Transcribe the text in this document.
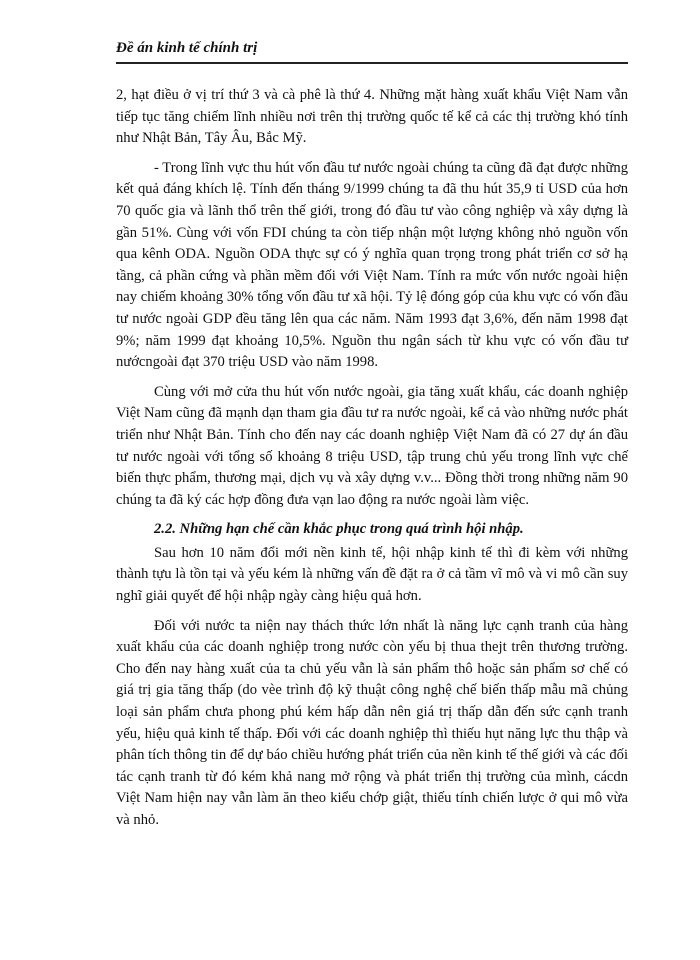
Đề án kinh tế chính trị

2, hạt điều ở vị trí thứ 3 và cà phê là thứ 4. Những mặt hàng xuất khẩu Việt Nam vẫn tiếp tục tăng chiếm lĩnh nhiều nơi trên thị trường quốc tế kể cả các thị trường khó tính như Nhật Bản, Tây Âu, Bắc Mỹ.

- Trong lĩnh vực thu hút vốn đầu tư nước ngoài chúng ta cũng đã đạt được những kết quả đáng khích lệ. Tính đến tháng 9/1999 chúng ta đã thu hút 35,9 tỉ USD của hơn 70 quốc gia và lãnh thổ trên thế giới, trong đó đầu tư vào công nghiệp và xây dựng là gần 51%. Cùng với vốn FDI chúng ta còn tiếp nhận một lượng không nhỏ nguồn vốn qua kênh ODA. Nguồn ODA thực sự có ý nghĩa quan trọng trong phát triển cơ sở hạ tầng, cả phần cứng và phần mềm đối với Việt Nam. Tính ra mức vốn nước ngoài hiện nay chiếm khoảng 30% tổng vốn đầu tư xã hội. Tỷ lệ đóng góp của khu vực có vốn đầu tư nước ngoài GDP đều tăng lên qua các năm. Năm 1993 đạt 3,6%, đến năm 1998 đạt 9%; năm 1999 đạt khoảng 10,5%. Nguồn thu ngân sách từ khu vực có vốn đầu tư nướcngoài đạt 370 triệu USD vào năm 1998.

Cùng với mở cửa thu hút vốn nước ngoài, gia tăng xuất khẩu, các doanh nghiệp Việt Nam cũng đã mạnh dạn tham gia đầu tư ra nước ngoài, kể cả vào những nước phát triển như Nhật Bản. Tính cho đến nay các doanh nghiệp Việt Nam đã có 27 dự án đầu tư nước ngoài với tổng số khoảng 8 triệu USD, tập trung chủ yếu trong lĩnh vực chế biến thực phẩm, thương mại, dịch vụ và xây dựng v.v... Đồng thời trong những năm 90 chúng ta đã ký các hợp đồng đưa vạn lao động ra nước ngoài làm việc.

2.2. Những hạn chế cần khắc phục trong quá trình hội nhập.

Sau hơn 10 năm đổi mới nền kinh tế, hội nhập kinh tế thì đi kèm với những thành tựu là tồn tại và yếu kém là những vấn đề đặt ra ở cả tầm vĩ mô và vi mô cần suy nghĩ giải quyết để hội nhập ngày càng hiệu quả hơn.

Đối với nước ta niện nay thách thức lớn nhất là năng lực cạnh tranh của hàng xuất khẩu của các doanh nghiệp trong nước còn yếu bị thua thejt trên thương trường. Cho đến nay hàng xuất của ta chủ yếu vẫn là sản phẩm thô hoặc sản phẩm sơ chế có giá trị gia tăng thấp (do vèe trình độ kỹ thuật công nghệ chế biến thấp mẫu mã chủng loại sản phẩm chưa phong phú kém hấp dẫn nên giá trị thấp dẫn đến sức cạnh tranh yếu, hiệu quả kinh tế thấp. Đối với các doanh nghiệp thì thiếu hụt năng lực thu thập và phân tích thông tin để dự báo chiều hướng phát triển của nền kinh tế thế giới và các đối tác cạnh tranh từ đó kém khả nang mở rộng và phát triển thị trường của mình, cácdn Việt Nam hiện nay vẫn làm ăn theo kiểu chớp giật, thiếu tính chiến lược ở qui mô vừa và nhỏ.
